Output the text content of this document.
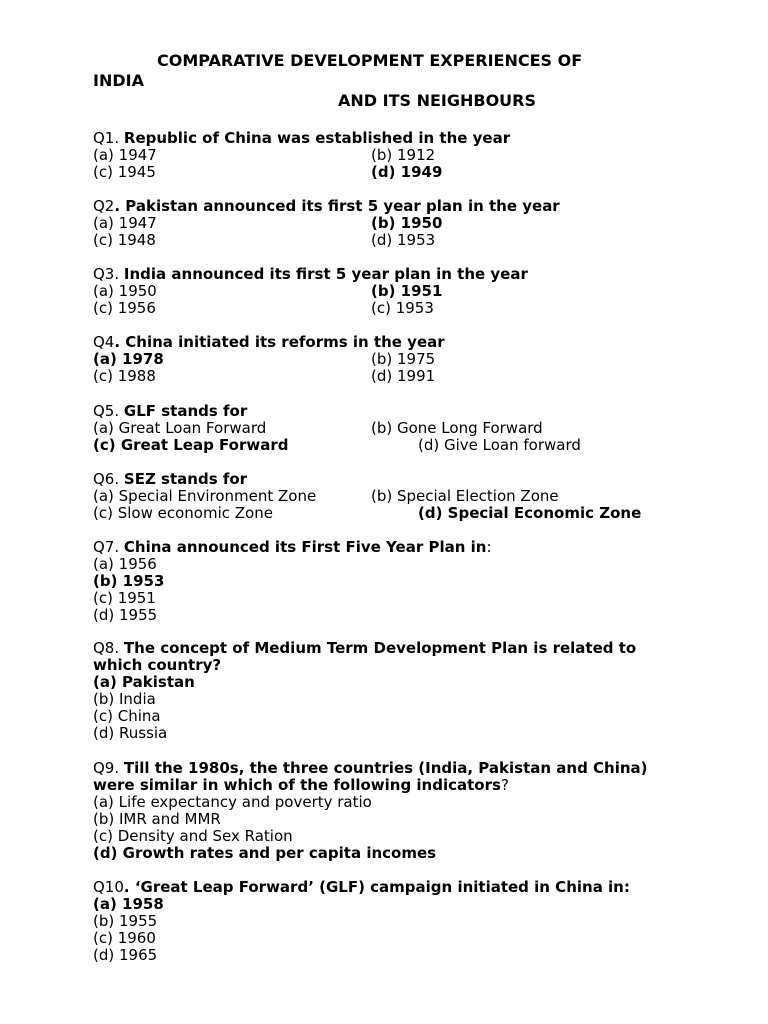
COMPARATIVE DEVELOPMENT EXPERIENCES OF
INDIA
AND ITS NEIGHBOURS
Q1. Republic of China was established in the year
(a) 1947	(b) 1912
(c) 1945	(d) 1949
Q2. Pakistan announced its first 5 year plan in the year
(a) 1947	(b) 1950
(c) 1948	(d) 1953
Q3. India announced its first 5 year plan in the year
(a) 1950	(b) 1951
(c) 1956	(c) 1953
Q4. China initiated its reforms in the year
(a) 1978	(b) 1975
(c) 1988	(d) 1991
Q5. GLF stands for
(a) Great Loan Forward	(b) Gone Long Forward
(c) Great Leap Forward	(d) Give Loan forward
Q6. SEZ stands for
(a) Special Environment Zone	(b) Special Election Zone
(c) Slow economic Zone	(d) Special Economic Zone
Q7. China announced its First Five Year Plan in:
(a) 1956
(b) 1953
(c) 1951
(d) 1955
Q8. The concept of Medium Term Development Plan is related to
which country?
(a) Pakistan
(b) India
(c) China
(d) Russia
Q9. Till the 1980s, the three countries (India, Pakistan and China)
were similar in which of the following indicators?
(a) Life expectancy and poverty ratio
(b) IMR and MMR
(c) Density and Sex Ration
(d) Growth rates and per capita incomes
Q10. ‘Great Leap Forward’ (GLF) campaign initiated in China in:
(a) 1958
(b) 1955
(c) 1960
(d) 1965
